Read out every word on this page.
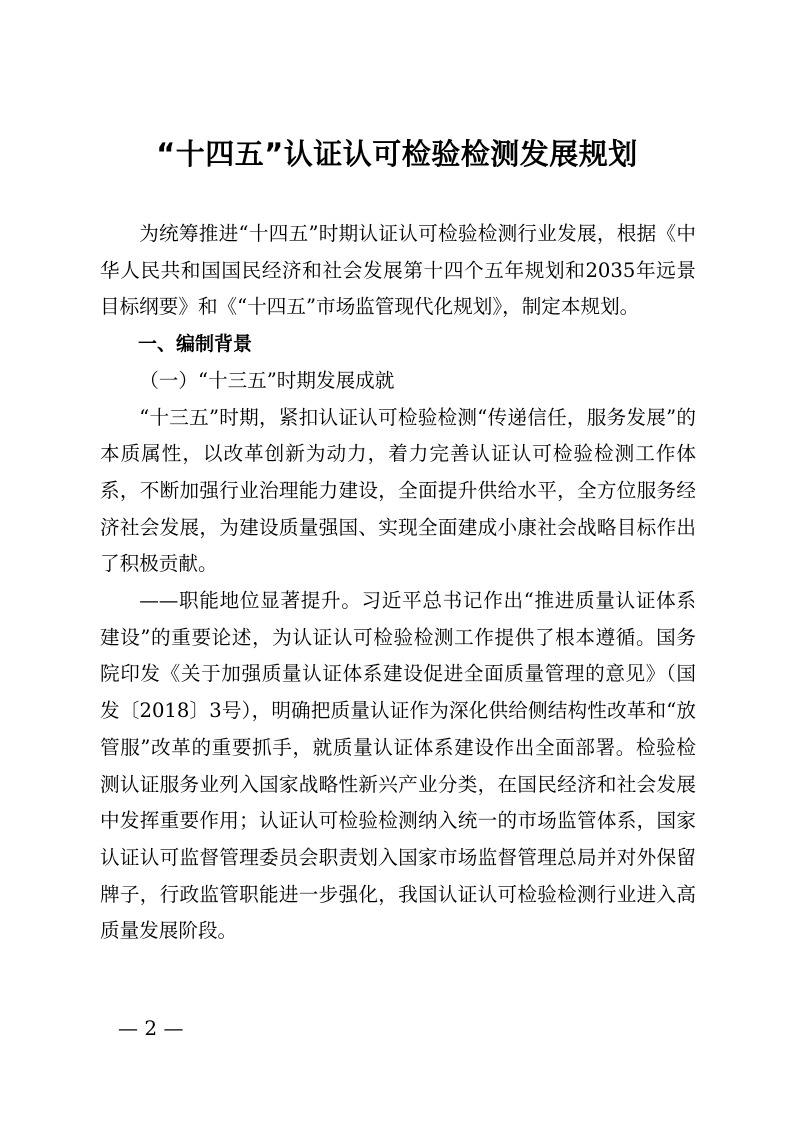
“十四五”认证认可检验检测发展规划

为统筹推进“十四五”时期认证认可检验检测行业发展，根据《中华人民共和国国民经济和社会发展第十四个五年规划和2035年远景目标纲要》和《“十四五”市场监管现代化规划》，制定本规划。

一、编制背景

（一）“十三五”时期发展成就

“十三五”时期，紧扣认证认可检验检测“传递信任，服务发展”的本质属性，以改革创新为动力，着力完善认证认可检验检测工作体系，不断加强行业治理能力建设，全面提升供给水平，全方位服务经济社会发展，为建设质量强国、实现全面建成小康社会战略目标作出了积极贡献。

——职能地位显著提升。习近平总书记作出“推进质量认证体系建设”的重要论述，为认证认可检验检测工作提供了根本遵循。国务院印发《关于加强质量认证体系建设促进全面质量管理的意见》（国发〔2018〕3号），明确把质量认证作为深化供给侧结构性改革和“放管服”改革的重要抓手，就质量认证体系建设作出全面部署。检验检测认证服务业列入国家战略性新兴产业分类，在国民经济和社会发展中发挥重要作用；认证认可检验检测纳入统一的市场监管体系，国家认证认可监督管理委员会职责划入国家市场监督管理总局并对外保留牌子，行政监管职能进一步强化，我国认证认可检验检测行业进入高质量发展阶段。

— 2 —
